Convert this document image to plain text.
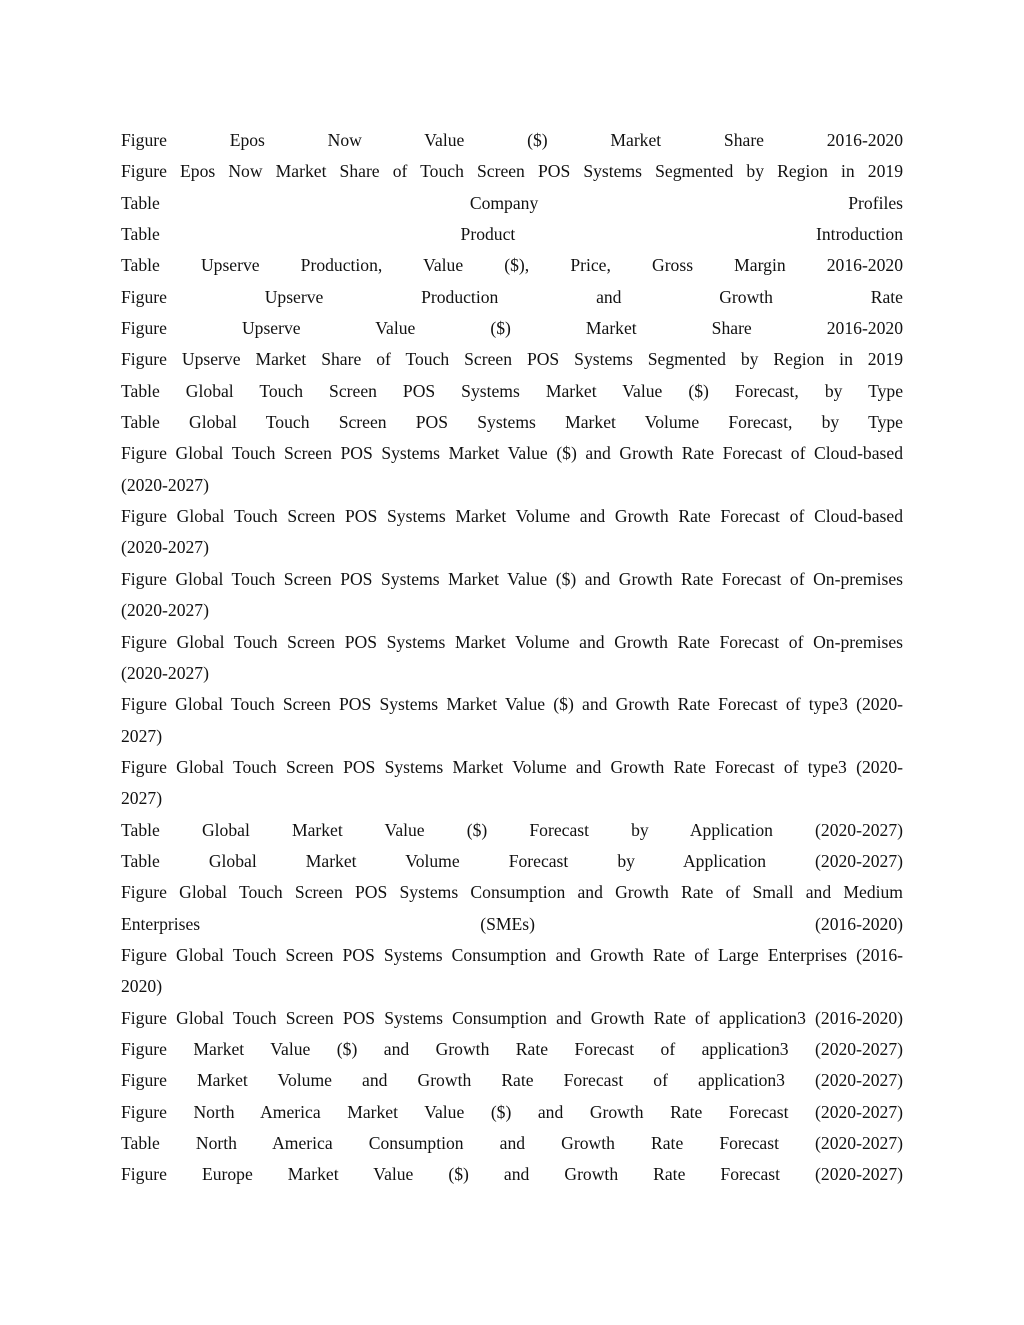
Figure Epos Now Value ($) Market Share 2016-2020
Figure Epos Now Market Share of Touch Screen POS Systems Segmented by Region in 2019
Table Company Profiles
Table Product Introduction
Table Upserve Production, Value ($), Price, Gross Margin 2016-2020
Figure Upserve Production and Growth Rate
Figure Upserve Value ($) Market Share 2016-2020
Figure Upserve Market Share of Touch Screen POS Systems Segmented by Region in 2019
Table Global Touch Screen POS Systems Market Value ($) Forecast, by Type
Table Global Touch Screen POS Systems Market Volume Forecast, by Type
Figure Global Touch Screen POS Systems Market Value ($) and Growth Rate Forecast of Cloud-based
(2020-2027)
Figure Global Touch Screen POS Systems Market Volume and Growth Rate Forecast of Cloud-based
(2020-2027)
Figure Global Touch Screen POS Systems Market Value ($) and Growth Rate Forecast of On-premises
(2020-2027)
Figure Global Touch Screen POS Systems Market Volume and Growth Rate Forecast of On-premises
(2020-2027)
Figure Global Touch Screen POS Systems Market Value ($) and Growth Rate Forecast of type3 (2020-
2027)
Figure Global Touch Screen POS Systems Market Volume and Growth Rate Forecast of type3 (2020-
2027)
Table Global Market Value ($) Forecast by Application (2020-2027)
Table Global Market Volume Forecast by Application (2020-2027)
Figure Global Touch Screen POS Systems Consumption and Growth Rate of Small and Medium
Enterprises (SMEs) (2016-2020)
Figure Global Touch Screen POS Systems Consumption and Growth Rate of Large Enterprises (2016-
2020)
Figure Global Touch Screen POS Systems Consumption and Growth Rate of application3 (2016-2020)
Figure Market Value ($) and Growth Rate Forecast of application3 (2020-2027)
Figure Market Volume and Growth Rate Forecast of application3 (2020-2027)
Figure North America Market Value ($) and Growth Rate Forecast (2020-2027)
Table North America Consumption and Growth Rate Forecast (2020-2027)
Figure Europe Market Value ($) and Growth Rate Forecast (2020-2027)
